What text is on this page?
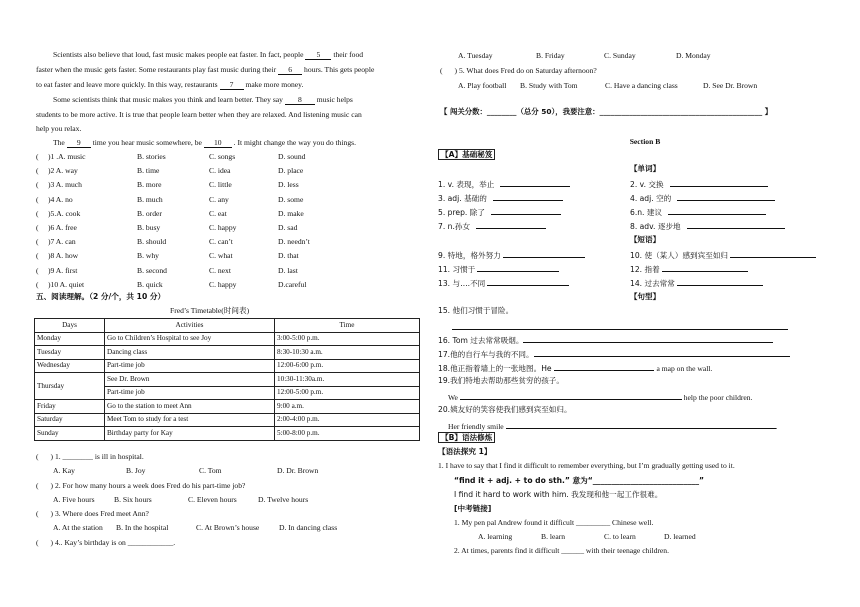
Scientists also believe that loud, fast music makes people eat faster. In fact, people 5 their food
faster when the music gets faster. Some restaurants play fast music during their 6 hours. This gets people
to eat faster and leave more quickly. In this way, restaurants 7 make more money.
Some scientists think that music makes you think and learn better. They say 8 music helps
students to be more active. It is true that people learn better when they are relaxed. And listening music can
help you relax.
The 9 time you hear music somewhere, be 10 . It might change the way you do things.
( )1 .A. music	B. stories	C. songs	D. sound
( )2 A. way	B. time	C. idea	D. place
( )3 A. much	B. more	C. little	D. less
( )4 A. no	B. much	C. any	D. some
( )5.A. cook	B. order	C. eat	D. make
( )6 A. free	B. busy	C. happy	D. sad
( )7 A. can	B. should	C. can’t	D. needn’t
( )8 A. how	B. why	C. what	D. that
( )9 A. first	B. second	C. next	D. last
( )10 A. quiet	B. quick	C. happy	D.careful
五、阅读理解。（2 分/个，共 10 分）
Fred’s Timetable(时间表)
Days	Activities	Time
Monday	Go to Children’s Hospital to see Joy	3:00-5:00 p.m.
Tuesday	Dancing class	8:30-10:30 a.m.
Wednesday	Part-time job	12:00-6:00 p.m.
Thursday	See Dr. Brown	10:30-11:30a.m.
	Part-time job	12:00-5:00 p.m.
Friday	Go to the station to meet Ann	9:00 a.m.
Saturday	Meet Tom to study for a test	2:00-4:00 p.m.
Sunday	Birthday party for Kay	5:00-8:00 p.m.
( ) 1. ________ is ill in hospital.
A. Kay	B. Joy	C. Tom	D. Dr. Brown
( ) 2. For how many hours a week does Fred do his part-time job?
A. Five hours	B. Six hours	C. Eleven hours	D. Twelve hours
( ) 3. Where does Fred meet Ann?
A. At the station B. In the hospital	C. At Brown’s house	D. In dancing class
( ) 4.. Kay’s birthday is on ____________.
A. Tuesday	B. Friday	C. Sunday	D. Monday
( ) 5. What does Fred do on Saturday afternoon?
A. Play football B. Study with Tom	C. Have a dancing class	D. See Dr. Brown
【 闯关分数：________（总分 50），我要注意：____________________________________________ 】
Section B
【A】基础秘笈
【单词】
1. v. 表现，举止	2. v. 交换
3. adj. 基础的	4. adj. 空的
5. prep. 除了	6.n. 建议
7. n.孙女	8. adv. 逐步地
【短语】
9. 特地，格外努力	10. 使（某人）感到宾至如归
11. 习惯于	12. 指着
13. 与….不同	14. 过去常常
【句型】
15. 他们习惯于冒险。
16. Tom 过去常常吸烟。
17.他的自行车与我的不同。
18.他正指着墙上的一张地图。He	a map on the wall.
19.我们特地去帮助那些贫穷的孩子。
We	help the poor children.
20.姨友好的笑容使我们感到宾至如归。
Her friendly smile	.
【B】语法修炼
【语法探究 1】
1. I have to say that I find it difficult to remember everything, but I’m gradually getting used to it.
“find it + adj. + to do sth.” 意为“____________________________”
I find it hard to work with him. 我发现和他一起工作很难。
[中考链接]
1. My pen pal Andrew found it difficult _________ Chinese well.
A. learning	B. learn	C. to learn	D. learned
2. At times, parents find it difficult ______ with their teenage children.
